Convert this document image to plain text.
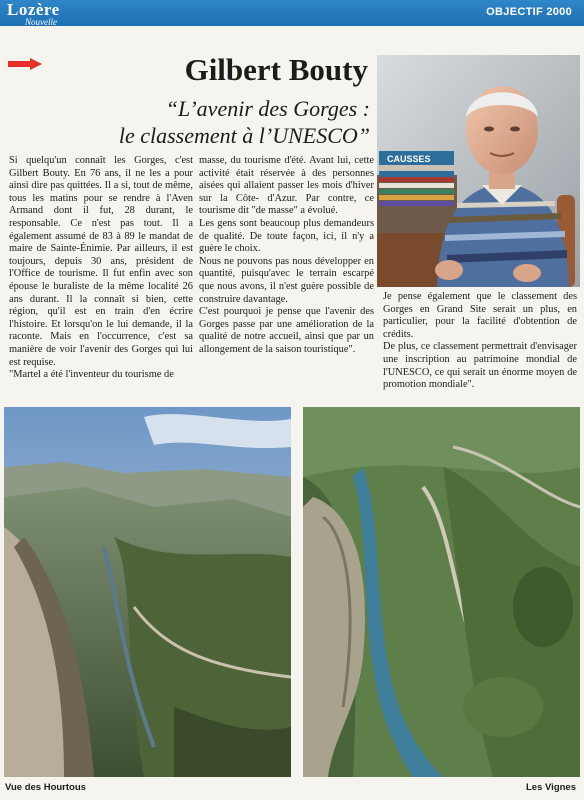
Lozère
Nouvelle
OBJECTIF 2000
Gilbert Bouty
“L’avenir des Gorges :
le classement à l’UNESCO”
CAUSSES

Si quelqu'un connaît les Gorges, c'est Gilbert Bouty. En 76 ans, il ne les a pour ainsi dire pas quittées. Il a si, tout de même, tous les matins pour se rendre à l'Aven Armand dont il fut, 28 durant, le responsable. Ce n'est pas tout. Il a également assumé de 83 à 89 le mandat de maire de Sainte-Énimie. Par ailleurs, il est toujours, depuis 30 ans, président de l'Office de tourisme. Il fut enfin avec son épouse le buraliste de la même localité 26 ans durant. Il la connaît si bien, cette région, qu'il est en train d'en écrire l'histoire. Et lorsqu'on le lui demande, il la raconte. Mais en l'occurrence, c'est sa manière de voir l'avenir des Gorges qui lui est requise.

"Martel a été l'inventeur du tourisme de

masse, du tourisme d'été. Avant lui, cette activité était réservée à des personnes aisées qui allaient passer les mois d'hiver sur la Côte- d'Azur. Par contre, ce tourisme dit "de masse" a évolué.

Les gens sont beaucoup plus demandeurs de qualité. De toute façon, ici, il n'y a guère le choix.

Nous ne pouvons pas nous développer en quantité, puisqu'avec le terrain escarpé que nous avons, il n'est guère possible de construire davantage.

C'est pourquoi je pense que l'avenir des Gorges passe par une amélioration de la qualité de notre accueil, ainsi que par un allongement de la saison touristique".

Je pense également que le classement des Gorges en Grand Site serait un plus, en particulier, pour la facilité d'obtention de crédits.

De plus, ce classement permettrait d'envisager une inscription au patrimoine mondial de l'UNESCO, ce qui serait un énorme moyen de promotion mondiale".

Vue des Hourtous	Les Vignes
